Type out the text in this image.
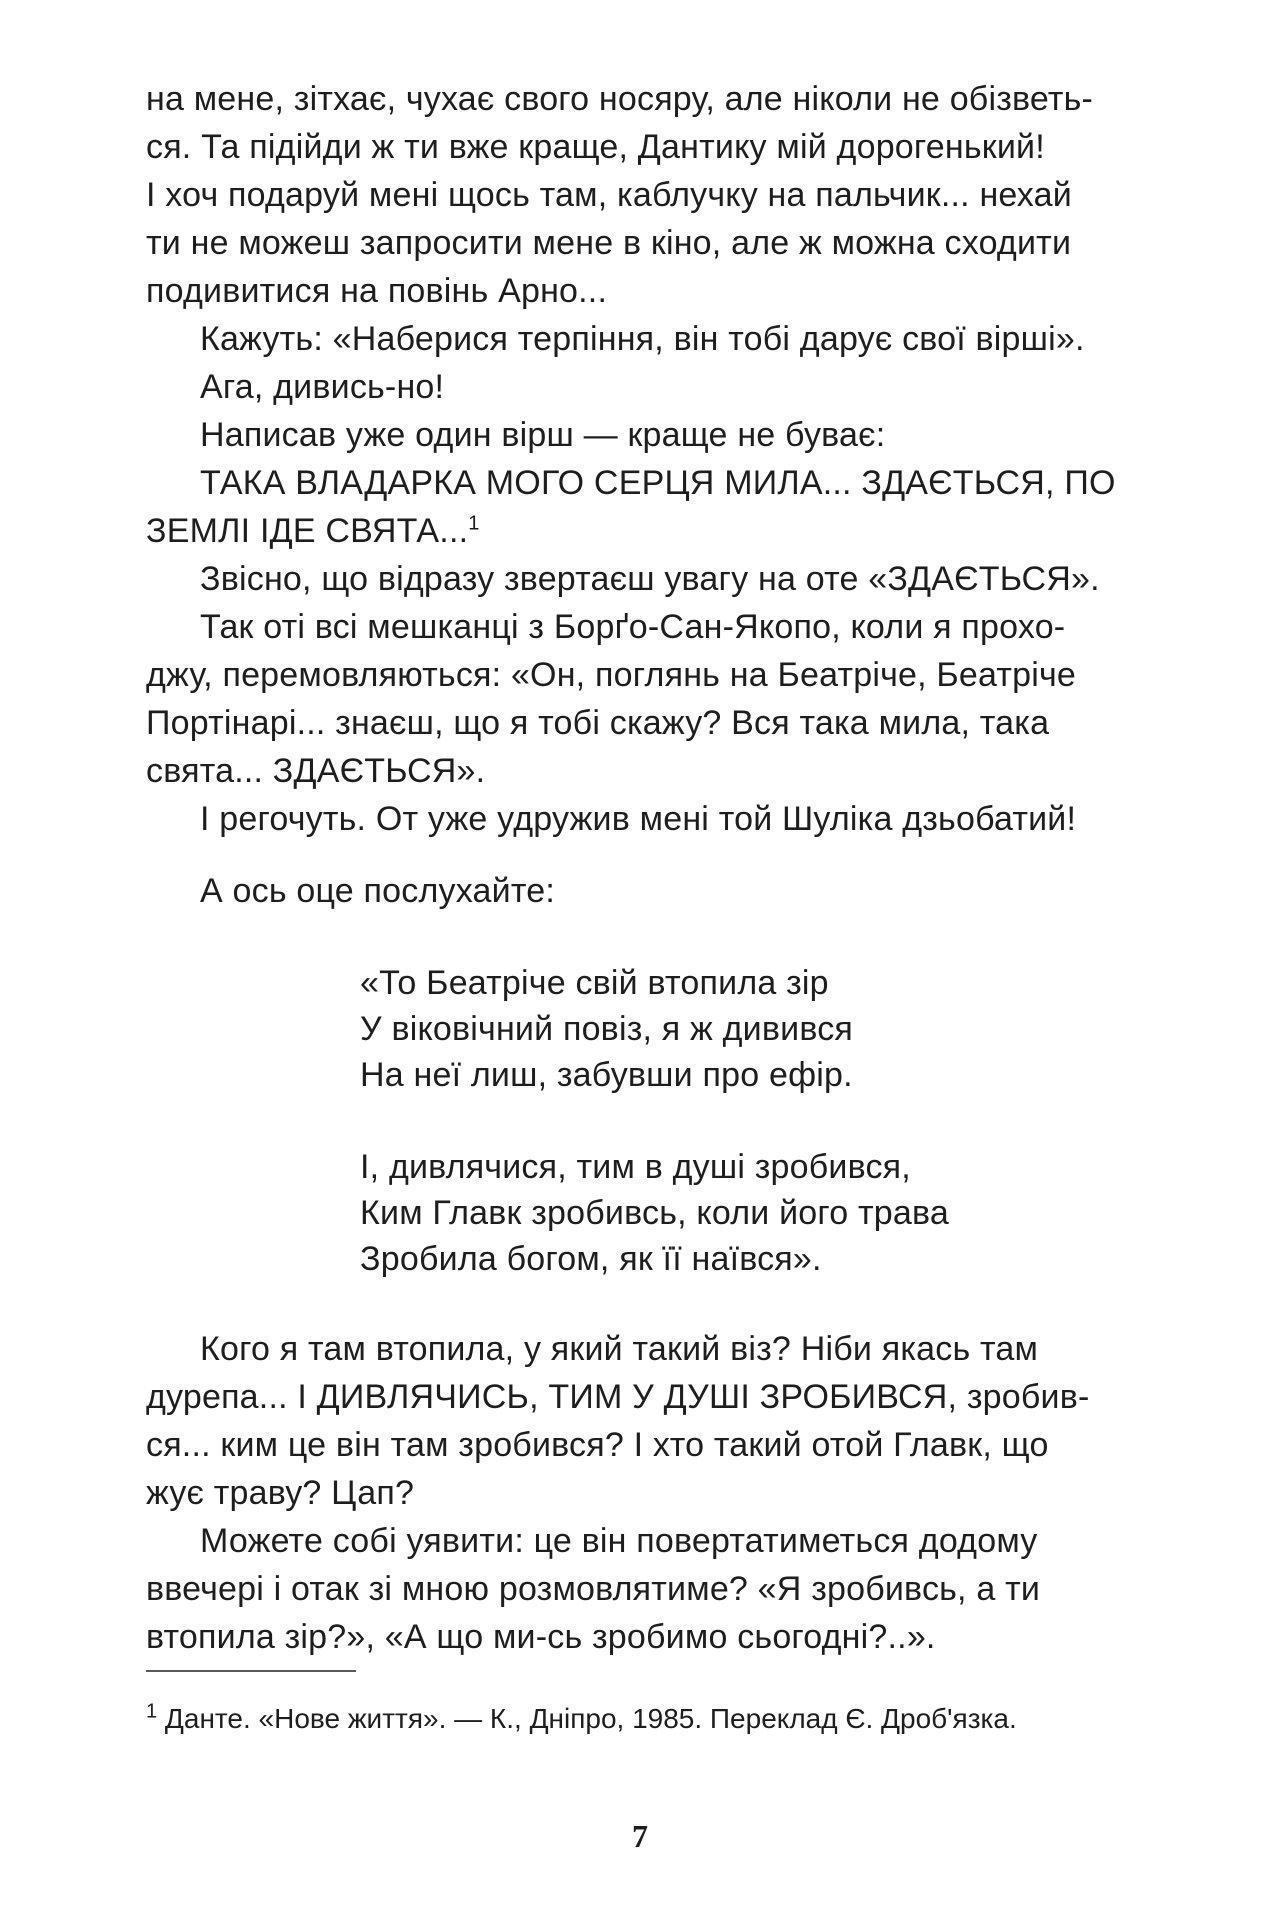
на мене, зітхає, чухає свого носяру, але ніколи не обізветь-
ся. Та підійди ж ти вже краще, Дантику мій дорогенький!
І хоч подаруй мені щось там, каблучку на пальчик... нехай
ти не можеш запросити мене в кіно, але ж можна сходити
подивитися на повінь Арно...
Кажуть: «Наберися терпіння, він тобі дарує свої вірші».
Ага, дивись-но!
Написав уже один вірш — краще не буває:
ТАКА ВЛАДАРКА МОГО СЕРЦЯ МИЛА... ЗДАЄТЬСЯ, ПО
ЗЕМЛІ ІДЕ СВЯТА...$^1$
Звісно, що відразу звертаєш увагу на оте «ЗДАЄТЬСЯ».
Так оті всі мешканці з Борґо-Сан-Якопо, коли я прохо-
джу, перемовляються: «Он, поглянь на Беатріче, Беатріче
Портінарі... знаєш, що я тобі скажу? Вся така мила, така
свята... ЗДАЄТЬСЯ».
І регочуть. От уже удружив мені той Шуліка дзьобатий!
А ось оце послухайте:
«То Беатріче свій втопила зір
У віковічний повіз, я ж дивився
На неї лиш, забувши про ефір.
І, дивлячися, тим в душі зробився,
Ким Главк зробивсь, коли його трава
Зробила богом, як її наївся».
Кого я там втопила, у який такий віз? Ніби якась там
дурепа... І ДИВЛЯЧИСЬ, ТИМ У ДУШІ ЗРОБИВСЯ, зробив-
ся... ким це він там зробився? І хто такий отой Главк, що
жує траву? Цап?
Можете собі уявити: це він повертатиметься додому
ввечері і отак зі мною розмовлятиме? «Я зробивсь, а ти
втопила зір?», «А що ми-сь зробимо сьогодні?..».
$^1$ Данте. «Нове життя». — К., Дніпро, 1985. Переклад Є. Дроб'язка.
7
